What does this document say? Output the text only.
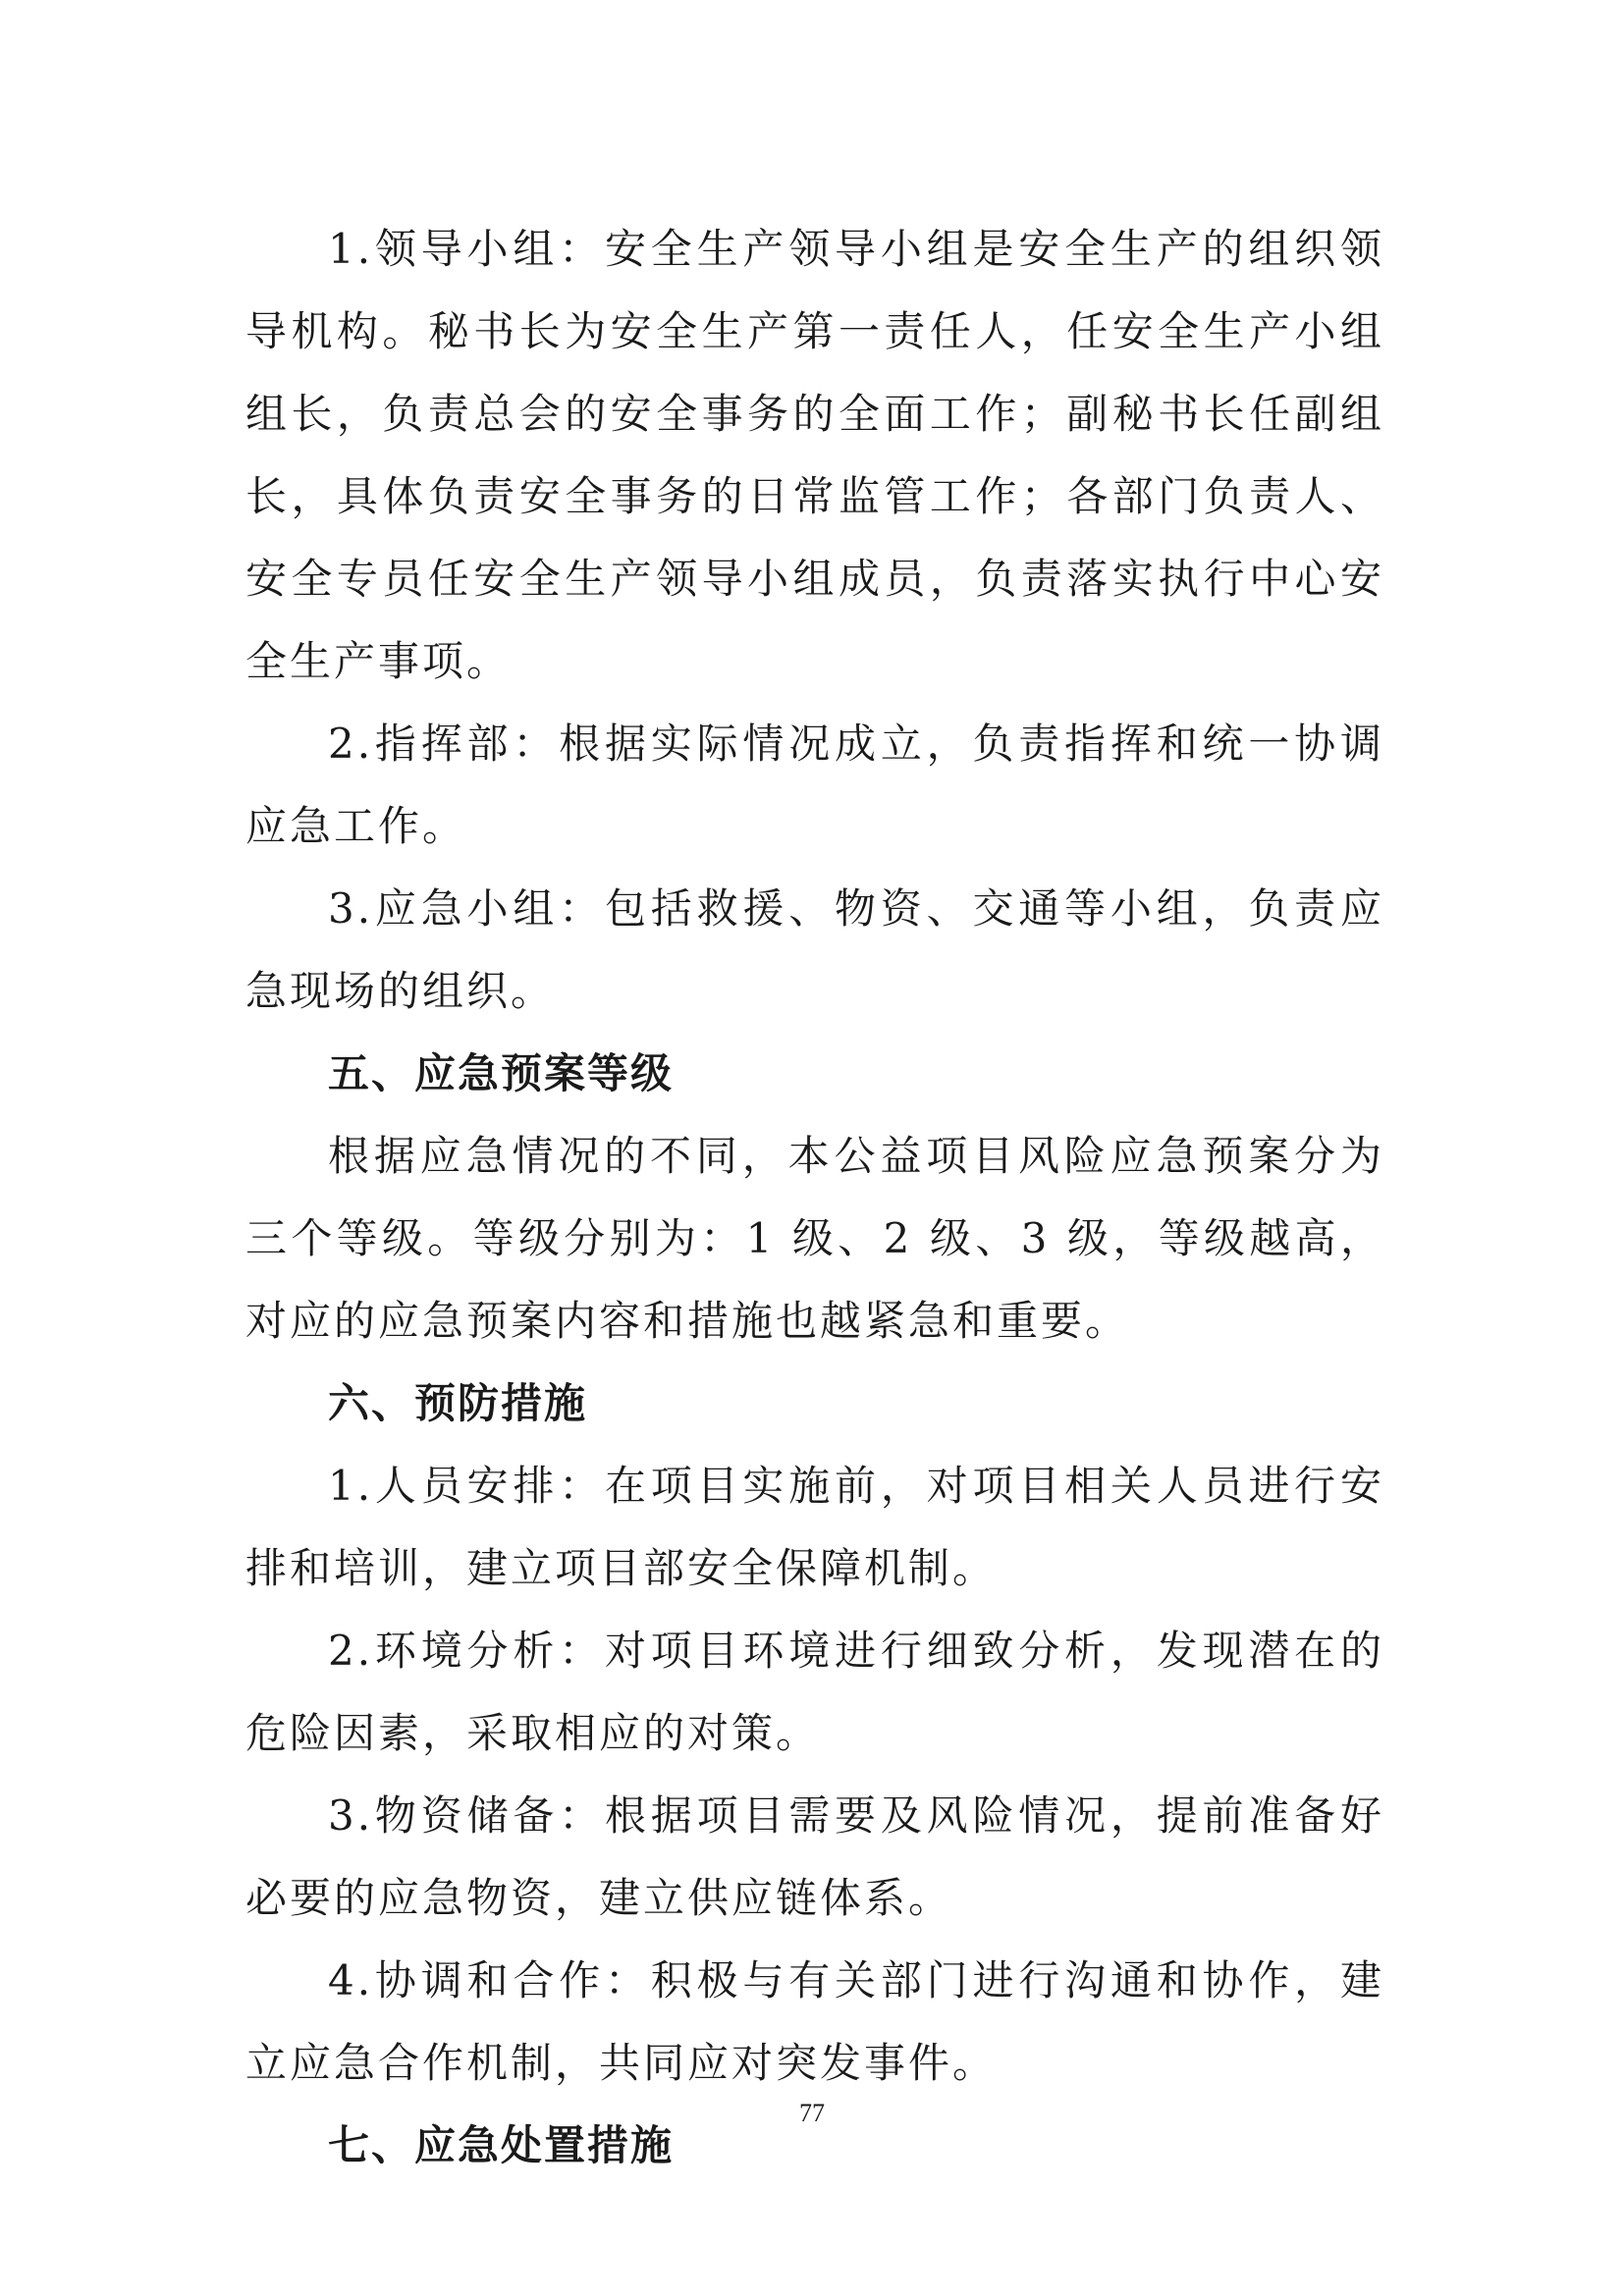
1.领导小组：安全生产领导小组是安全生产的组织领导机构。秘书长为安全生产第一责任人，任安全生产小组组长，负责总会的安全事务的全面工作；副秘书长任副组长，具体负责安全事务的日常监管工作；各部门负责人、安全专员任安全生产领导小组成员，负责落实执行中心安全生产事项。

2.指挥部：根据实际情况成立，负责指挥和统一协调应急工作。

3.应急小组：包括救援、物资、交通等小组，负责应急现场的组织。

五、应急预案等级

根据应急情况的不同，本公益项目风险应急预案分为三个等级。等级分别为：1 级、2 级、3 级，等级越高，对应的应急预案内容和措施也越紧急和重要。

六、预防措施

1.人员安排：在项目实施前，对项目相关人员进行安排和培训，建立项目部安全保障机制。

2.环境分析：对项目环境进行细致分析，发现潜在的危险因素，采取相应的对策。

3.物资储备：根据项目需要及风险情况，提前准备好必要的应急物资，建立供应链体系。

4.协调和合作：积极与有关部门进行沟通和协作，建立应急合作机制，共同应对突发事件。

七、应急处置措施

77
